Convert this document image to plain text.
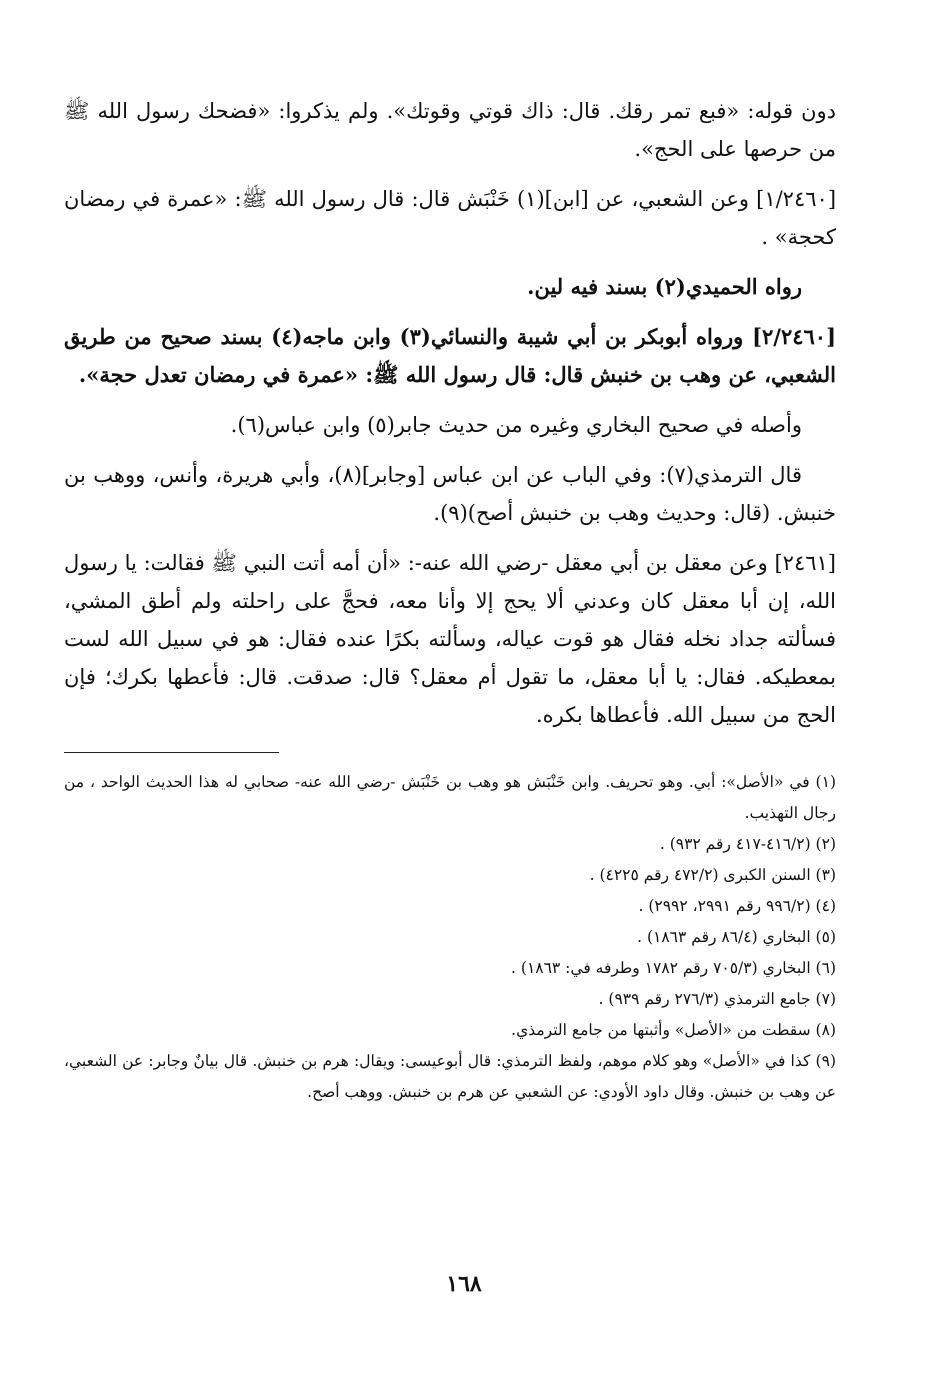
دون قوله: «فبع تمر رقك. قال: ذاك قوتي وقوتك». ولم يذكروا: «فضحك رسول الله ﷺ من حرصها على الحج».

[١/٢٤٦٠] وعن الشعبي، عن [ابن](١) خَنْبَش قال: قال رسول الله ﷺ: «عمرة في رمضان كحجة» .

رواه الحميدي(٢) بسند فيه لين.

[٢/٢٤٦٠] ورواه أبوبكر بن أبي شيبة والنسائي(٣) وابن ماجه(٤) بسند صحيح من طريق الشعبي، عن وهب بن خنبش قال: قال رسول الله ﷺ: «عمرة في رمضان تعدل حجة».

وأصله في صحيح البخاري وغيره من حديث جابر(٥) وابن عباس(٦).

قال الترمذي(٧): وفي الباب عن ابن عباس [وجابر](٨)، وأبي هريرة، وأنس، ووهب بن خنبش. (قال: وحديث وهب بن خنبش أصح)(٩).

[٢٤٦١] وعن معقل بن أبي معقل -رضي الله عنه-: «أن أمه أتت النبي ﷺ فقالت: يا رسول الله، إن أبا معقل كان وعدني ألا يحج إلا وأنا معه، فحجَّ على راحلته ولم أطق المشي، فسألته جداد نخله فقال هو قوت عياله، وسألته بكرًا عنده فقال: هو في سبيل الله لست بمعطيكه. فقال: يا أبا معقل، ما تقول أم معقل؟ قال: صدقت. قال: فأعطها بكرك؛ فإن الحج من سبيل الله. فأعطاها بكره.

(١) في «الأصل»: أبي. وهو تحريف. وابن خَنْبَش هو وهب بن خَنْبَش -رضي الله عنه- صحابي له هذا الحديث الواحد ، من رجال التهذيب.

(٢) (٤١٦/٢-٤١٧ رقم ٩٣٢) .

(٣) السنن الكبرى (٤٧٢/٢ رقم ٤٢٢٥) .

(٤) (٩٩٦/٢ رقم ٢٩٩١، ٢٩٩٢) .

(٥) البخاري (٨٦/٤ رقم ١٨٦٣) .

(٦) البخاري (٧٠٥/٣ رقم ١٧٨٢ وطرفه في: ١٨٦٣) .

(٧) جامع الترمذي (٢٧٦/٣ رقم ٩٣٩) .

(٨) سقطت من «الأصل» وأثبتها من جامع الترمذي.

(٩) كذا في «الأصل» وهو كلام موهم، ولفظ الترمذي: قال أبوعيسى: ويقال: هرم بن خنبش. قال بيانٌ وجابر: عن الشعبي، عن وهب بن خنبش. وقال داود الأودي: عن الشعبي عن هرم بن خنبش. ووهب أصح.

١٦٨
